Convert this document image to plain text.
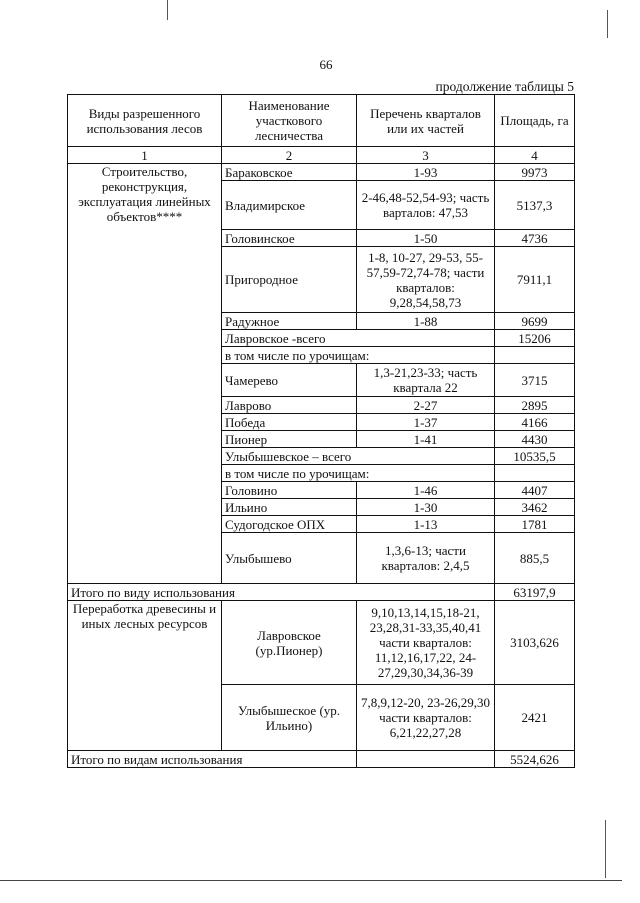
66
продолжение таблицы 5
Виды разрешенного использования лесов	Наименование участкового лесничества	Перечень кварталов или их частей	Площадь, га
1	2	3	4
Строительство, реконструкция, эксплуатация линейных объектов****	Бараковское	1-93	9973
	Владимирское	2-46,48-52,54-93; часть варталов: 47,53	5137,3
	Головинское	1-50	4736
	Пригородное	1-8, 10-27, 29-53, 55-57,59-72,74-78; части кварталов: 9,28,54,58,73	7911,1
	Радужное	1-88	9699
	Лавровское -всего		15206
	в том числе по урочищам:		
	Чамерево	1,3-21,23-33; часть квартала 22	3715
	Лаврово	2-27	2895
	Победа	1-37	4166
	Пионер	1-41	4430
	Улыбышевское – всего		10535,5
	в том числе по урочищам:		
	Головино	1-46	4407
	Ильино	1-30	3462
	Судогодское ОПХ	1-13	1781
	Улыбышево	1,3,6-13; части кварталов: 2,4,5	885,5
Итого по виду использования			63197,9
Переработка древесины и иных лесных ресурсов	Лавровское (ур.Пионер)	9,10,13,14,15,18-21, 23,28,31-33,35,40,41 части кварталов: 11,12,16,17,22, 24-27,29,30,34,36-39	3103,626
	Улыбышеское (ур. Ильино)	7,8,9,12-20, 23-26,29,30 части кварталов: 6,21,22,27,28	2421
Итого по видам использования			5524,626
